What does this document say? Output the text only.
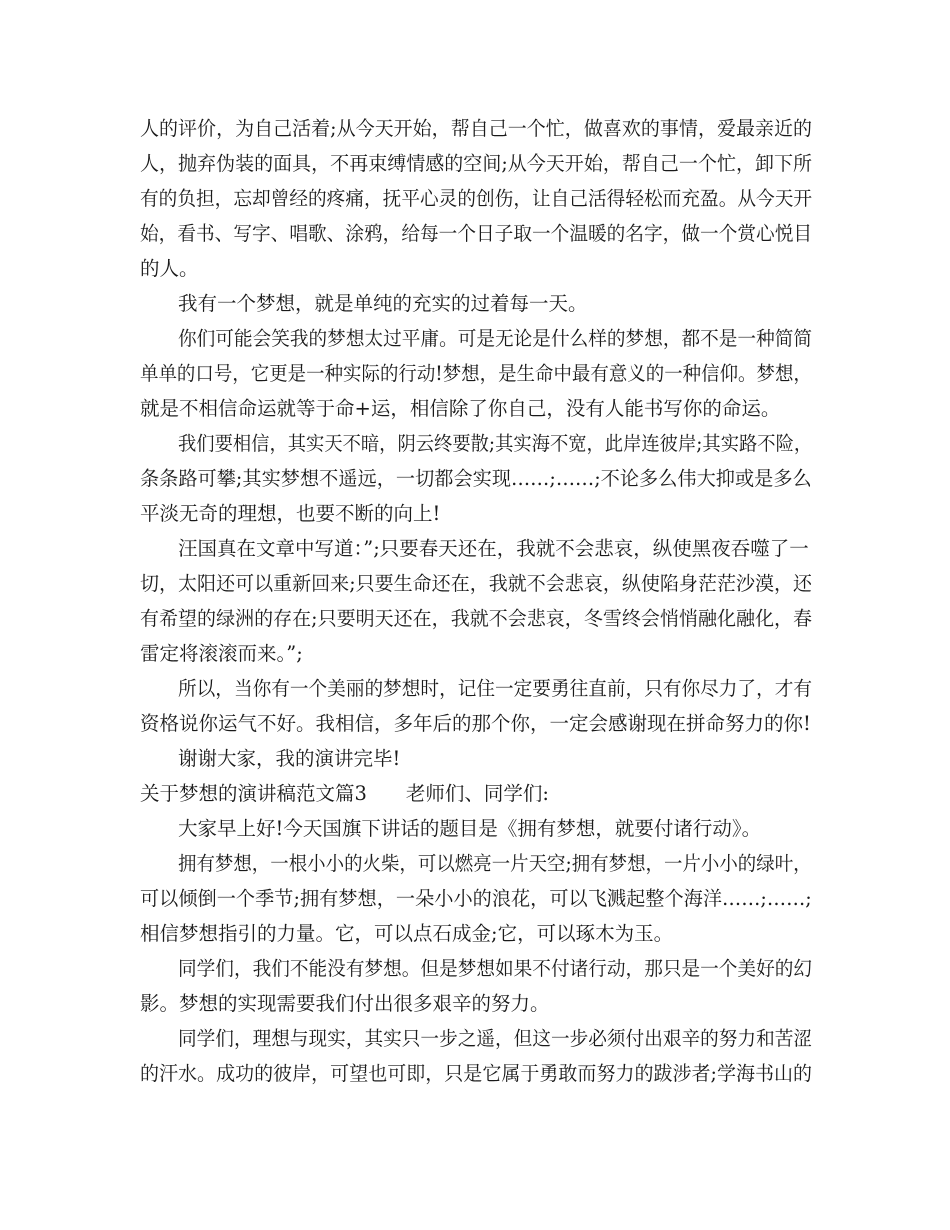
人的评价，为自己活着;从今天开始，帮自己一个忙，做喜欢的事情，爱最亲近的

人，抛弃伪装的面具，不再束缚情感的空间;从今天开始，帮自己一个忙，卸下所

有的负担，忘却曾经的疼痛，抚平心灵的创伤，让自己活得轻松而充盈。从今天开

始，看书、写字、唱歌、涂鸦，给每一个日子取一个温暖的名字，做一个赏心悦目

的人。

我有一个梦想，就是单纯的充实的过着每一天。

你们可能会笑我的梦想太过平庸。可是无论是什么样的梦想，都不是一种简简

单单的口号，它更是一种实际的行动!梦想，是生命中最有意义的一种信仰。梦想，

就是不相信命运就等于命+运，相信除了你自己，没有人能书写你的命运。

我们要相信，其实天不暗，阴云终要散;其实海不宽，此岸连彼岸;其实路不险，

条条路可攀;其实梦想不遥远，一切都会实现……;……;不论多么伟大抑或是多么

平淡无奇的理想，也要不断的向上!

汪国真在文章中写道：”;只要春天还在，我就不会悲哀，纵使黑夜吞噬了一

切，太阳还可以重新回来;只要生命还在，我就不会悲哀，纵使陷身茫茫沙漠，还

有希望的绿洲的存在;只要明天还在，我就不会悲哀，冬雪终会悄悄融化融化，春

雷定将滚滚而来。”;

所以，当你有一个美丽的梦想时，记住一定要勇往直前，只有你尽力了，才有

资格说你运气不好。我相信，多年后的那个你，一定会感谢现在拼命努力的你!

谢谢大家，我的演讲完毕!

关于梦想的演讲稿范文篇3　　老师们、同学们:

大家早上好!今天国旗下讲话的题目是《拥有梦想，就要付诸行动》。

拥有梦想，一根小小的火柴，可以燃亮一片天空;拥有梦想，一片小小的绿叶，

可以倾倒一个季节;拥有梦想，一朵小小的浪花，可以飞溅起整个海洋……;……;

相信梦想指引的力量。它，可以点石成金;它，可以琢木为玉。

同学们，我们不能没有梦想。但是梦想如果不付诸行动，那只是一个美好的幻

影。梦想的实现需要我们付出很多艰辛的努力。

同学们，理想与现实，其实只一步之遥，但这一步必须付出艰辛的努力和苦涩

的汗水。成功的彼岸，可望也可即，只是它属于勇敢而努力的跋涉者;学海书山的
